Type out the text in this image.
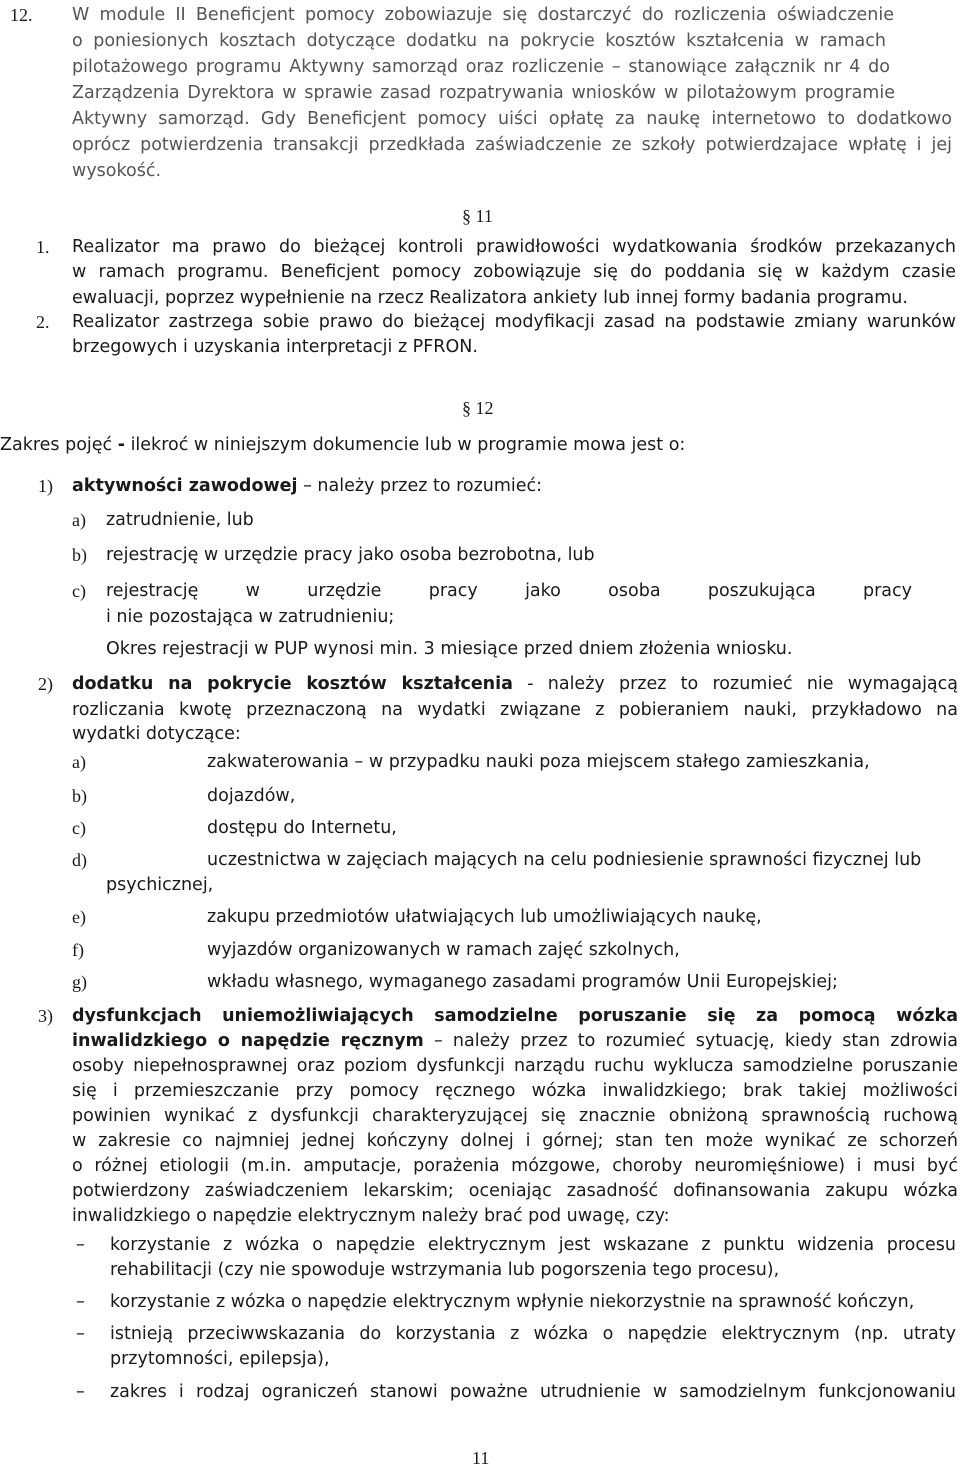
12. W module II Beneficjent pomocy zobowiazuje się dostarczyć do rozliczenia oświadczenie
o poniesionych kosztach dotyczące dodatku na pokrycie kosztów kształcenia w ramach
pilotażowego programu Aktywny samorząd oraz rozliczenie – stanowiące załącznik nr 4 do
Zarządzenia Dyrektora w sprawie zasad rozpatrywania wniosków w pilotażowym programie
Aktywny samorząd. Gdy Beneficjent pomocy uiści opłatę za naukę internetowo to dodatkowo
oprócz potwierdzenia transakcji przedkłada zaświadczenie ze szkoły potwierdzajace wpłatę i jej
wysokość.
§ 11
1. Realizator ma prawo do bieżącej kontroli prawidłowości wydatkowania środków przekazanych
w ramach programu. Beneficjent pomocy zobowiązuje się do poddania się w każdym czasie
ewaluacji, poprzez wypełnienie na rzecz Realizatora ankiety lub innej formy badania programu.
2. Realizator zastrzega sobie prawo do bieżącej modyfikacji zasad na podstawie zmiany warunków
brzegowych i uzyskania interpretacji z PFRON.
§ 12
Zakres pojęć - ilekroć w niniejszym dokumencie lub w programie mowa jest o:
1) aktywności zawodowej – należy przez to rozumieć:
a) zatrudnienie, lub
b) rejestrację w urzędzie pracy jako osoba bezrobotna, lub
c) rejestrację w urzędzie pracy jako osoba poszukująca pracy
i nie pozostająca w zatrudnieniu;
Okres rejestracji w PUP wynosi min. 3 miesiące przed dniem złożenia wniosku.
2) dodatku na pokrycie kosztów kształcenia - należy przez to rozumieć nie wymagającą
rozliczania kwotę przeznaczoną na wydatki związane z pobieraniem nauki, przykładowo na
wydatki dotyczące:
a)	zakwaterowania – w przypadku nauki poza miejscem stałego zamieszkania,
b)	dojazdów,
c)	dostępu do Internetu,
d)	uczestnictwa w zajęciach mających na celu podniesienie sprawności fizycznej lub
psychicznej,
e)	zakupu przedmiotów ułatwiających lub umożliwiających naukę,
f)	wyjazdów organizowanych w ramach zajęć szkolnych,
g)	wkładu własnego, wymaganego zasadami programów Unii Europejskiej;
3) dysfunkcjach uniemożliwiających samodzielne poruszanie się za pomocą wózka
inwalidzkiego o napędzie ręcznym – należy przez to rozumieć sytuację, kiedy stan zdrowia
osoby niepełnosprawnej oraz poziom dysfunkcji narządu ruchu wyklucza samodzielne poruszanie
się i przemieszczanie przy pomocy ręcznego wózka inwalidzkiego; brak takiej możliwości
powinien wynikać z dysfunkcji charakteryzującej się znacznie obniżoną sprawnością ruchową
w zakresie co najmniej jednej kończyny dolnej i górnej; stan ten może wynikać ze schorzeń
o różnej etiologii (m.in. amputacje, porażenia mózgowe, choroby neuromięśniowe) i musi być
potwierdzony zaświadczeniem lekarskim; oceniając zasadność dofinansowania zakupu wózka
inwalidzkiego o napędzie elektrycznym należy brać pod uwagę, czy:
– korzystanie z wózka o napędzie elektrycznym jest wskazane z punktu widzenia procesu
rehabilitacji (czy nie spowoduje wstrzymania lub pogorszenia tego procesu),
– korzystanie z wózka o napędzie elektrycznym wpłynie niekorzystnie na sprawność kończyn,
– istnieją przeciwwskazania do korzystania z wózka o napędzie elektrycznym (np. utraty
przytomności, epilepsja),
– zakres i rodzaj ograniczeń stanowi poważne utrudnienie w samodzielnym funkcjonowaniu
11
